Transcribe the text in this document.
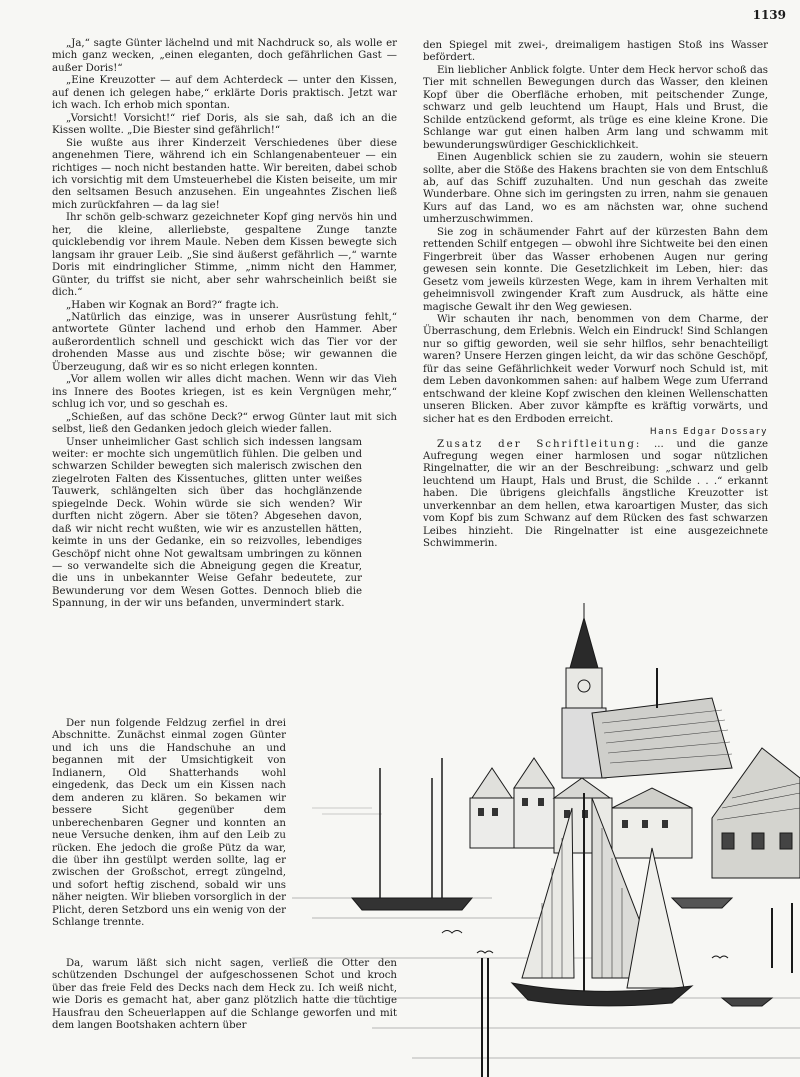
1139

„Ja,“ sagte Günter lächelnd und mit Nachdruck so, als wolle er mich ganz wecken, „einen eleganten, doch gefährlichen Gast — außer Doris!“

„Eine Kreuzotter — auf dem Achterdeck — unter den Kissen, auf denen ich gelegen habe,“ erklärte Doris praktisch. Jetzt war ich wach. Ich erhob mich spontan.

„Vorsicht! Vorsicht!“ rief Doris, als sie sah, daß ich an die Kissen wollte. „Die Biester sind gefährlich!“

Sie wußte aus ihrer Kinderzeit Verschiedenes über diese angenehmen Tiere, während ich ein Schlangenabenteuer — ein richtiges — noch nicht bestanden hatte. Wir bereiten, dabei schob ich vorsichtig mit dem Umsteuerhebel die Kisten beiseite, um mir den seltsamen Besuch anzusehen. Ein ungeahntes Zischen ließ mich zurückfahren — da lag sie!

Ihr schön gelb-schwarz gezeichneter Kopf ging nervös hin und her, die kleine, allerliebste, gespaltene Zunge tanzte quicklebendig vor ihrem Maule. Neben dem Kissen bewegte sich langsam ihr grauer Leib. „Sie sind äußerst gefährlich —,“ warnte Doris mit eindringlicher Stimme, „nimm nicht den Hammer, Günter, du triffst sie nicht, aber sehr wahrscheinlich beißt sie dich.“

„Haben wir Kognak an Bord?“ fragte ich.

„Natürlich das einzige, was in unserer Ausrüstung fehlt,“ antwortete Günter lachend und erhob den Hammer. Aber außerordentlich schnell und geschickt wich das Tier vor der drohenden Masse aus und zischte böse; wir gewannen die Überzeugung, daß wir es so nicht erlegen konnten.

„Vor allem wollen wir alles dicht machen. Wenn wir das Vieh ins Innere des Bootes kriegen, ist es kein Vergnügen mehr,“ schlug ich vor, und so geschah es.

„Schießen, auf das schöne Deck?“ erwog Günter laut mit sich selbst, ließ den Gedanken jedoch gleich wieder fallen.

Unser unheimlicher Gast schlich sich indessen langsam weiter: er mochte sich ungemütlich fühlen. Die gelben und schwarzen Schilder bewegten sich malerisch zwischen den ziegelroten Falten des Kissentuches, glitten unter weißes Tauwerk, schlängelten sich über das hochglänzende spiegelnde Deck. Wohin würde sie sich wenden? Wir durften nicht zögern. Aber sie töten? Abgesehen davon, daß wir nicht recht wußten, wie wir es anzustellen hätten, keimte in uns der Gedanke, ein so reizvolles, lebendiges Geschöpf nicht ohne Not gewaltsam umbringen zu können — so verwandelte sich die Abneigung gegen die Kreatur, die uns in unbekannter Weise Gefahr bedeutete, zur Bewunderung vor dem Wesen Gottes. Dennoch blieb die Spannung, in der wir uns befanden, unvermindert stark.

Der nun folgende Feldzug zerfiel in drei Abschnitte. Zunächst einmal zogen Günter und ich uns die Handschuhe an und begannen mit der Umsichtigkeit von Indianern, Old Shatterhands wohl eingedenk, das Deck um ein Kissen nach dem anderen zu klären. So bekamen wir bessere Sicht gegenüber dem unberechenbaren Gegner und konnten an neue Versuche denken, ihm auf den Leib zu rücken. Ehe jedoch die große Pütz da war, die über ihn gestülpt werden sollte, lag er zwischen der Großschot, erregt züngelnd, und sofort heftig zischend, sobald wir uns näher neigten. Wir blieben vorsorglich in der Plicht, deren Setzbord uns ein wenig von der Schlange trennte.

Da, warum läßt sich nicht sagen, verließ die Otter den schützenden Dschungel der aufgeschossenen Schot und kroch über das freie Feld des Decks nach dem Heck zu. Ich weiß nicht, wie Doris es gemacht hat, aber ganz plötzlich hatte die tüchtige Hausfrau den Scheuerlappen auf die Schlange geworfen und mit dem langen Bootshaken achtern über

den Spiegel mit zwei-, dreimaligem hastigen Stoß ins Wasser befördert.

Ein lieblicher Anblick folgte. Unter dem Heck hervor schoß das Tier mit schnellen Bewegungen durch das Wasser, den kleinen Kopf über die Oberfläche erhoben, mit peitschender Zunge, schwarz und gelb leuchtend um Haupt, Hals und Brust, die Schilde entzückend geformt, als trüge es eine kleine Krone. Die Schlange war gut einen halben Arm lang und schwamm mit bewunderungswürdiger Geschicklichkeit.

Einen Augenblick schien sie zu zaudern, wohin sie steuern sollte, aber die Stöße des Hakens brachten sie von dem Entschluß ab, auf das Schiff zuzuhalten. Und nun geschah das zweite Wunderbare. Ohne sich im geringsten zu irren, nahm sie genauen Kurs auf das Land, wo es am nächsten war, ohne suchend umherzuschwimmen.

Sie zog in schäumender Fahrt auf der kürzesten Bahn dem rettenden Schilf entgegen — obwohl ihre Sichtweite bei den einen Fingerbreit über das Wasser erhobenen Augen nur gering gewesen sein konnte. Die Gesetzlichkeit im Leben, hier: das Gesetz vom jeweils kürzesten Wege, kam in ihrem Verhalten mit geheimnisvoll zwingender Kraft zum Ausdruck, als hätte eine magische Gewalt ihr den Weg gewiesen.

Wir schauten ihr nach, benommen von dem Charme, der Überraschung, dem Erlebnis. Welch ein Eindruck! Sind Schlangen nur so giftig geworden, weil sie sehr hilflos, sehr benachteiligt waren? Unsere Herzen gingen leicht, da wir das schöne Geschöpf, für das seine Gefährlichkeit weder Vorwurf noch Schuld ist, mit dem Leben davonkommen sahen: auf halbem Wege zum Uferrand entschwand der kleine Kopf zwischen den kleinen Wellenschatten unseren Blicken. Aber zuvor kämpfte es kräftig vorwärts, und sicher hat es den Erdboden erreicht.

Hans Edgar Dossary

Zusatz der Schriftleitung: ... und die ganze Aufregung wegen einer harmlosen und sogar nützlichen Ringelnatter, die wir an der Beschreibung: „schwarz und gelb leuchtend um Haupt, Hals und Brust, die Schilde . . .“ erkannt haben. Die übrigens gleichfalls ängstliche Kreuzotter ist unverkennbar an dem hellen, etwa karoartigen Muster, das sich vom Kopf bis zum Schwanz auf dem Rücken des fast schwarzen Leibes hinzieht. Die Ringelnatter ist eine ausgezeichnete Schwimmerin.
